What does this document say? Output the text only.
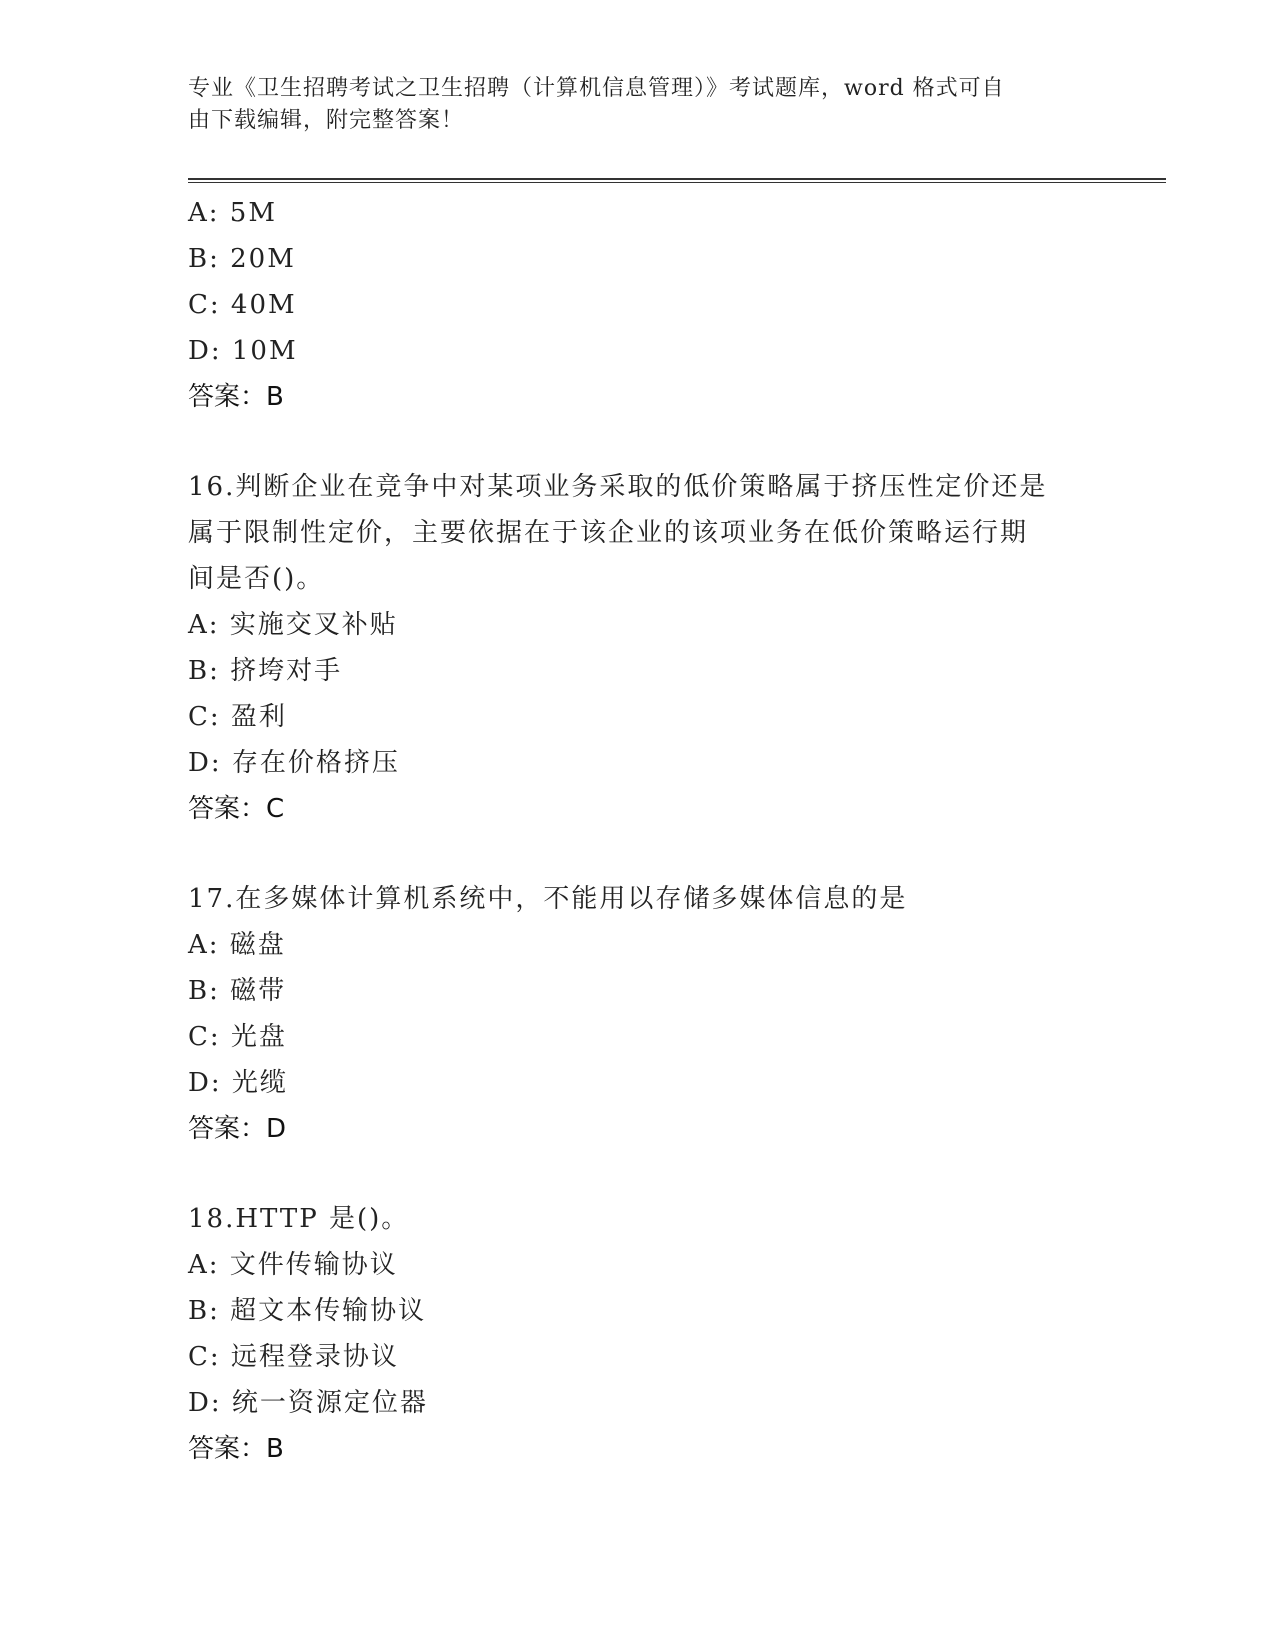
专业《卫生招聘考试之卫生招聘（计算机信息管理）》考试题库，word 格式可自
由下载编辑，附完整答案！
A: 5M
B: 20M
C: 40M
D: 10M
答案：B
16.判断企业在竞争中对某项业务采取的低价策略属于挤压性定价还是
属于限制性定价，主要依据在于该企业的该项业务在低价策略运行期
间是否()。
A: 实施交叉补贴
B: 挤垮对手
C: 盈利
D: 存在价格挤压
答案：C
17.在多媒体计算机系统中，不能用以存储多媒体信息的是
A: 磁盘
B: 磁带
C: 光盘
D: 光缆
答案：D
18.HTTP 是()。
A: 文件传输协议
B: 超文本传输协议
C: 远程登录协议
D: 统一资源定位器
答案：B
